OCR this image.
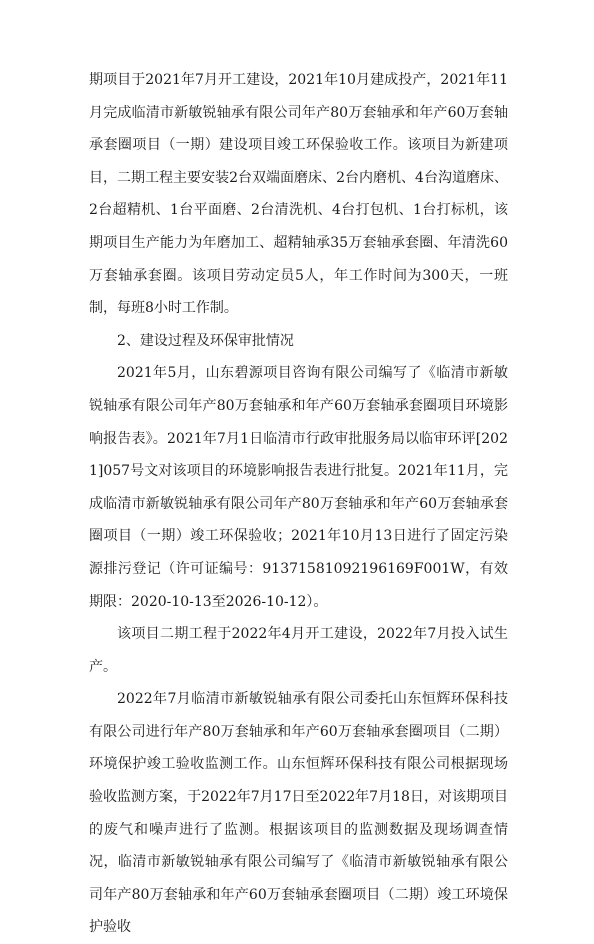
期项目于2021年7月开工建设，2021年10月建成投产，2021年11月完成临清市新敏锐轴承有限公司年产80万套轴承和年产60万套轴承套圈项目（一期）建设项目竣工环保验收工作。该项目为新建项目，二期工程主要安装2台双端面磨床、2台内磨机、4台沟道磨床、2台超精机、1台平面磨、2台清洗机、4台打包机、1台打标机，该期项目生产能力为年磨加工、超精轴承35万套轴承套圈、年清洗60万套轴承套圈。该项目劳动定员5人，年工作时间为300天，一班制，每班8小时工作制。

2、建设过程及环保审批情况

2021年5月，山东碧源项目咨询有限公司编写了《临清市新敏锐轴承有限公司年产80万套轴承和年产60万套轴承套圈项目环境影响报告表》。2021年7月1日临清市行政审批服务局以临审环评[2021]057号文对该项目的环境影响报告表进行批复。2021年11月，完成临清市新敏锐轴承有限公司年产80万套轴承和年产60万套轴承套圈项目（一期）竣工环保验收；2021年10月13日进行了固定污染源排污登记（许可证编号：91371581092196169F001W，有效期限：2020-10-13至2026-10-12）。

该项目二期工程于2022年4月开工建设，2022年7月投入试生产。

2022年7月临清市新敏锐轴承有限公司委托山东恒辉环保科技有限公司进行年产80万套轴承和年产60万套轴承套圈项目（二期）环境保护竣工验收监测工作。山东恒辉环保科技有限公司根据现场验收监测方案，于2022年7月17日至2022年7月18日，对该期项目的废气和噪声进行了监测。根据该项目的监测数据及现场调查情况，临清市新敏锐轴承有限公司编写了《临清市新敏锐轴承有限公司年产80万套轴承和年产60万套轴承套圈项目（二期）竣工环境保护验收
